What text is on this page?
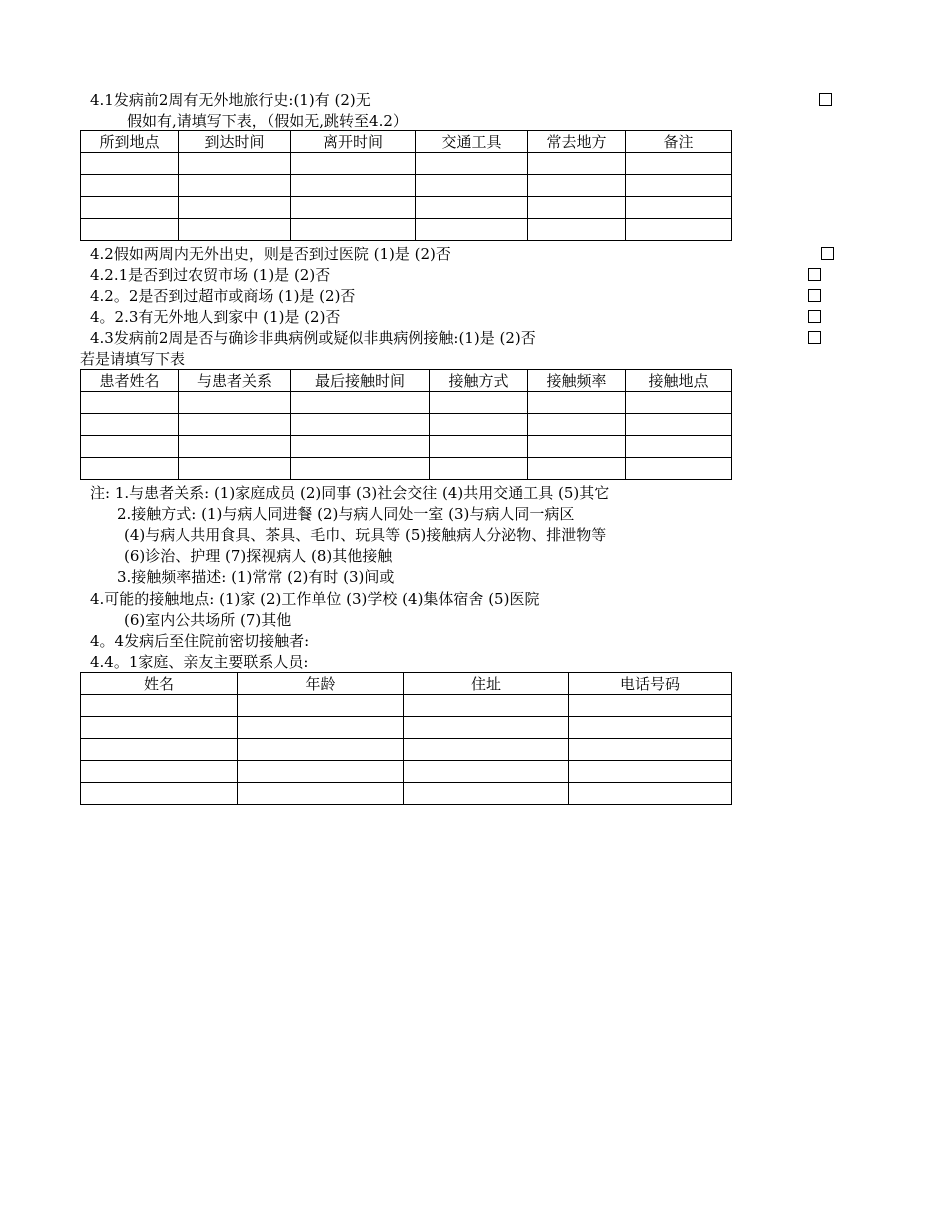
4.1发病前2周有无外地旅行史:(1)有 (2)无
假如有,请填写下表，（假如无,跳转至4.2）
所到地点	到达时间	离开时间	交通工具	常去地方	备注

4.2假如两周内无外出史，则是否到过医院 (1)是 (2)否
4.2.1是否到过农贸市场 (1)是 (2)否
4.2。2是否到过超市或商场 (1)是 (2)否
4。2.3有无外地人到家中 (1)是 (2)否
4.3发病前2周是否与确诊非典病例或疑似非典病例接触:(1)是 (2)否
若是请填写下表
患者姓名	与患者关系	最后接触时间	接触方式	接触频率	接触地点

注: 1.与患者关系: (1)家庭成员 (2)同事 (3)社会交往 (4)共用交通工具 (5)其它
2.接触方式: (1)与病人同进餐 (2)与病人同处一室 (3)与病人同一病区
(4)与病人共用食具、茶具、毛巾、玩具等 (5)接触病人分泌物、排泄物等
(6)诊治、护理 (7)探视病人 (8)其他接触
3.接触频率描述: (1)常常 (2)有时 (3)间或
4.可能的接触地点: (1)家 (2)工作单位 (3)学校 (4)集体宿舍 (5)医院
(6)室内公共场所 (7)其他
4。4发病后至住院前密切接触者:
4.4。1家庭、亲友主要联系人员:
姓名	年龄	住址	电话号码
